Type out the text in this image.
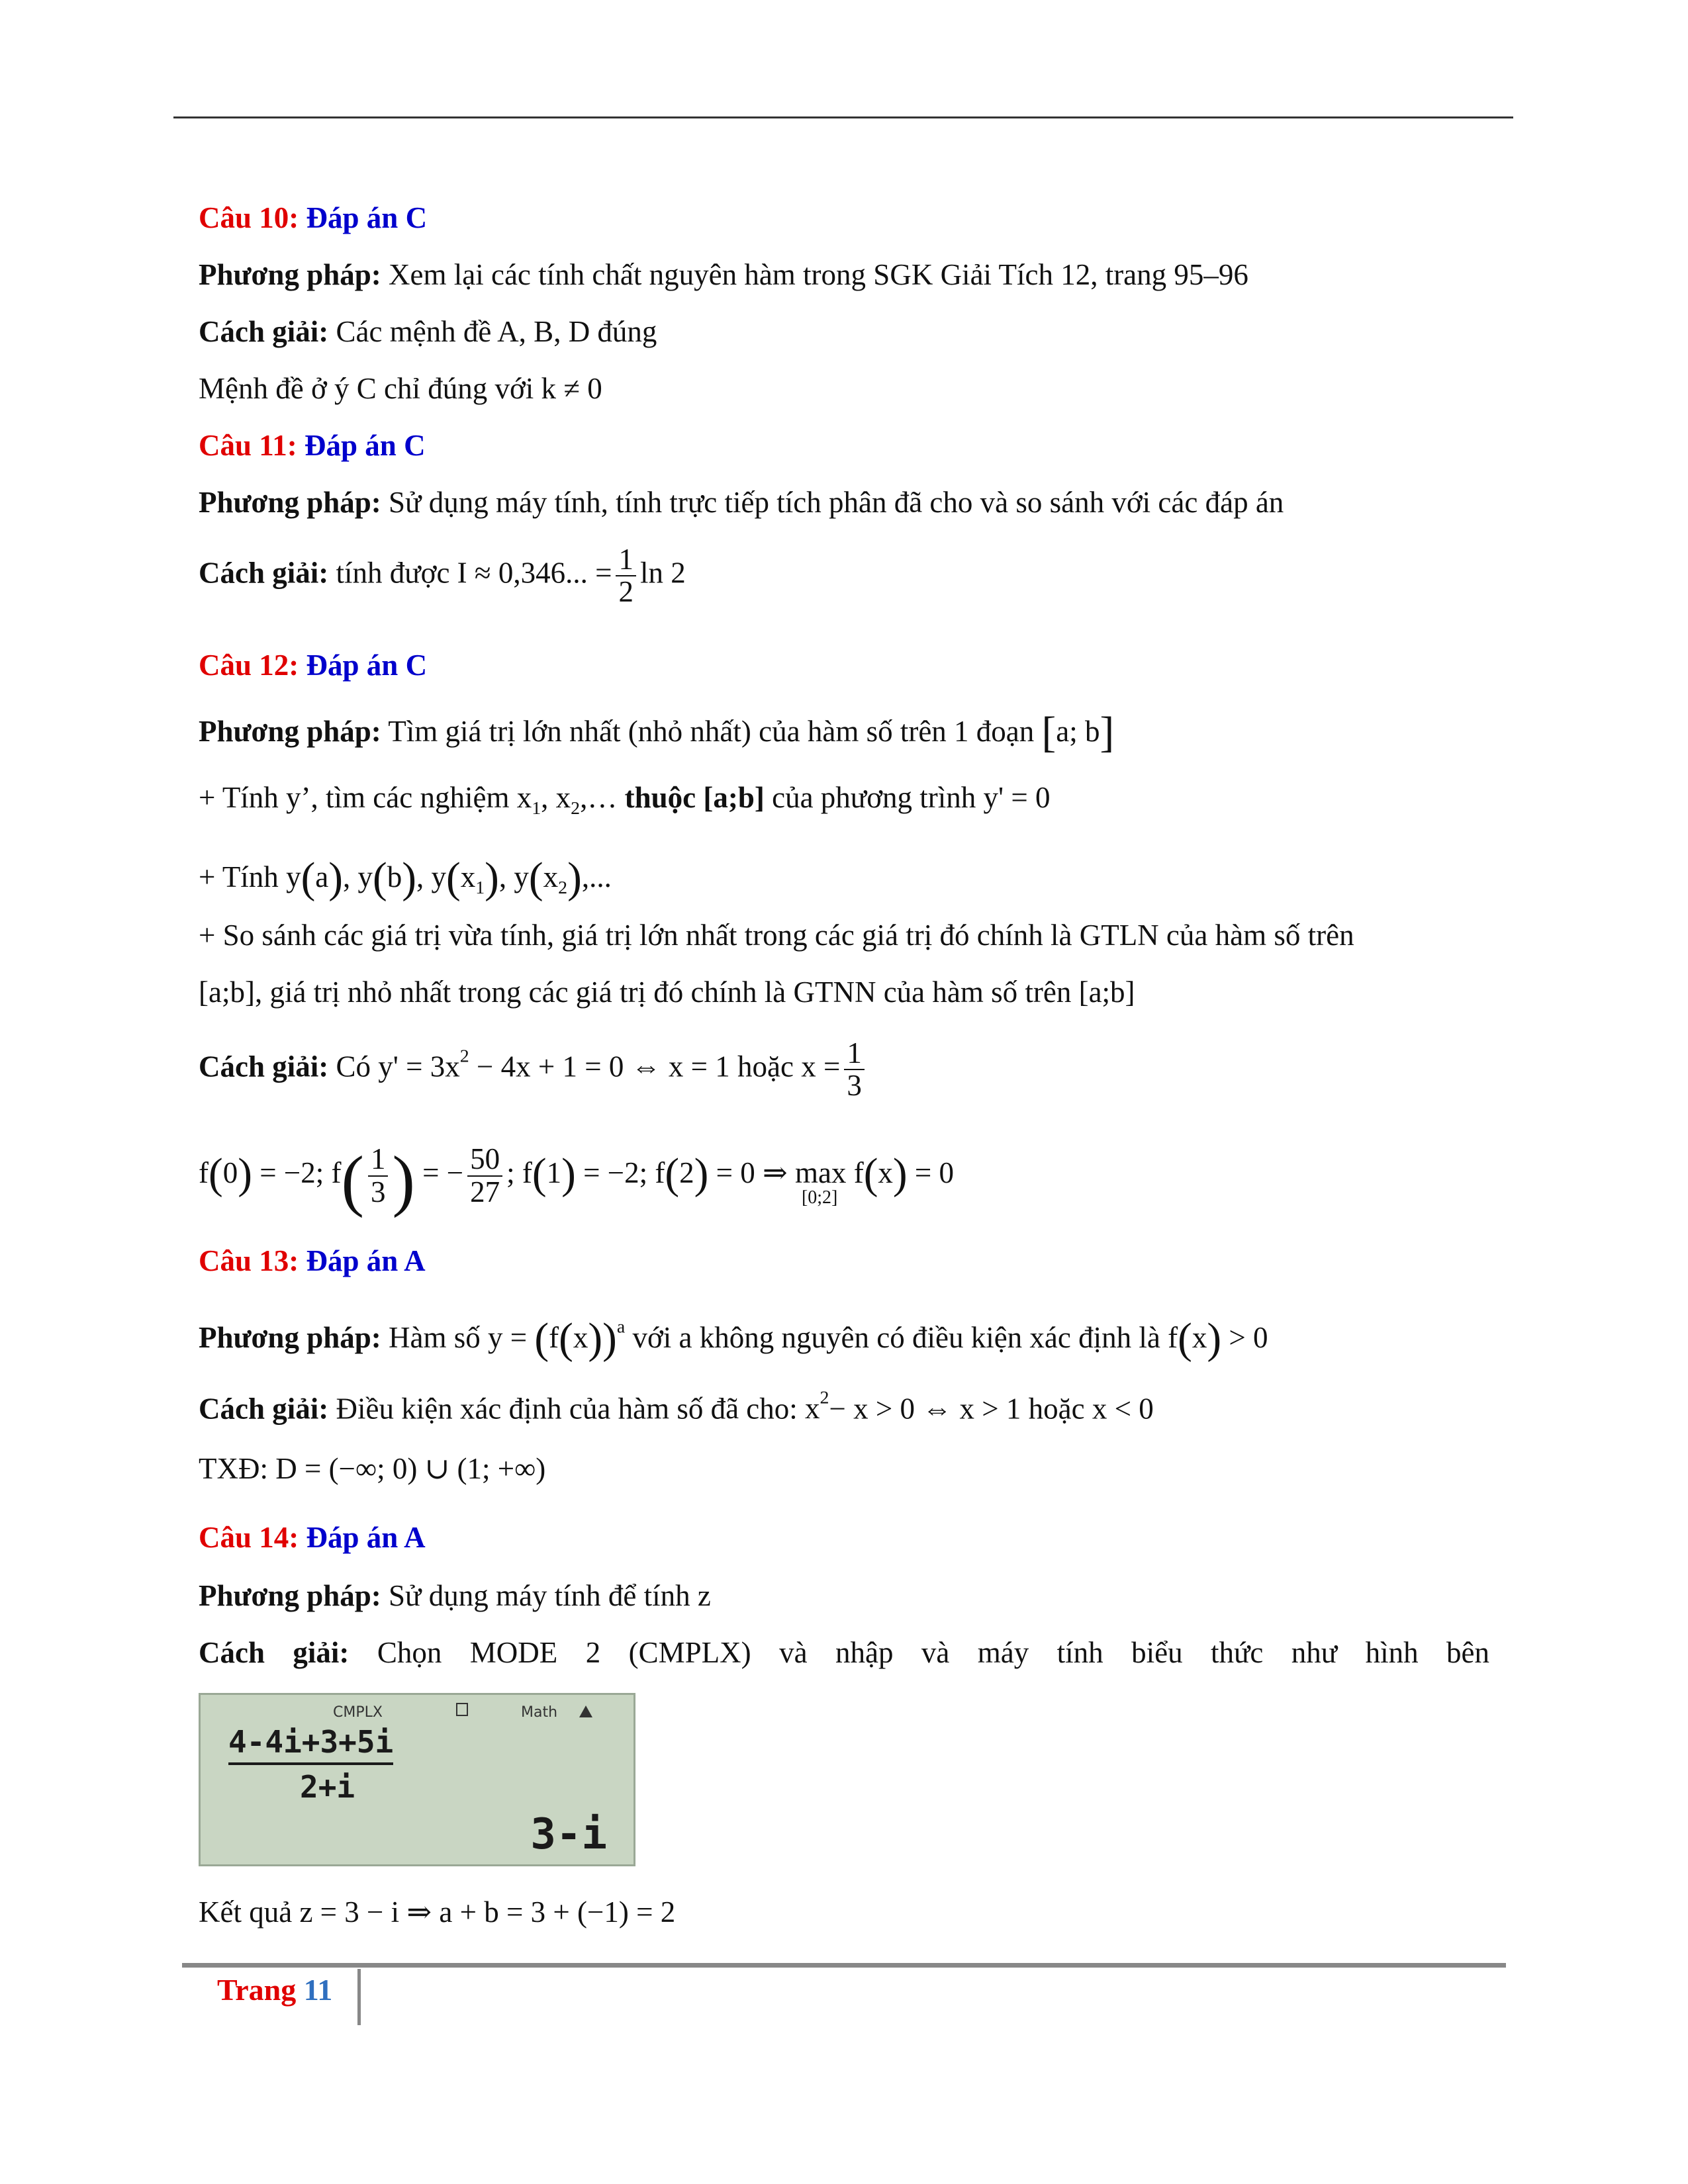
Câu 10: Đáp án C
Phương pháp: Xem lại các tính chất nguyên hàm trong SGK Giải Tích 12, trang 95–96
Cách giải: Các mệnh đề A, B, D đúng
Mệnh đề ở ý C chỉ đúng với k ≠ 0
Câu 11: Đáp án C
Phương pháp: Sử dụng máy tính, tính trực tiếp tích phân đã cho và so sánh với các đáp án
Cách giải: tính được I ≈ 0,346... = $\frac{1}{2}$ ln 2
Câu 12: Đáp án C
Phương pháp: Tìm giá trị lớn nhất (nhỏ nhất) của hàm số trên 1 đoạn [a; b]
+ Tính y’, tìm các nghiệm $x_1$, $x_2,\dots$ thuộc [a;b] của phương trình y' = 0
+ Tính y(a), y(b), $y(x_1)$, $y(x_2)$,...
+ So sánh các giá trị vừa tính, giá trị lớn nhất trong các giá trị đó chính là GTLN của hàm số trên
[a;b], giá trị nhỏ nhất trong các giá trị đó chính là GTNN của hàm số trên [a;b]
Cách giải: Có $y' = 3x^2 - 4x + 1 = 0$ ⇔ x = 1 hoặc $x = \frac{1}{3}$
f(0) = −2; $f( \frac{1}{3}$ ) = − $\frac{50}{27}$ ; f(1) = −2; f(2) = 0 ⇒ max
[0;2]
f(x) = 0
Câu 13: Đáp án A
Phương pháp: Hàm số $y = (f(x))^a$ với a không nguyên có điều kiện xác định là f(x) > 0
Cách giải: Điều kiện xác định của hàm số đã cho: $x^2- x > 0$ ⇔ x > 1 hoặc x < 0
TXĐ: D = (−∞; 0) ∪ (1; +∞)
Câu 14: Đáp án A
Phương pháp: Sử dụng máy tính để tính z
Cách giải: Chọn MODE 2 (CMPLX) và nhập và máy tính biểu thức như hình bên
CMPLX	Math
4-4i+3+5i
2+i
3-i
Kết quả z = 3 − i ⇒ a + b = 3 + (−1) = 2
Trang 11
